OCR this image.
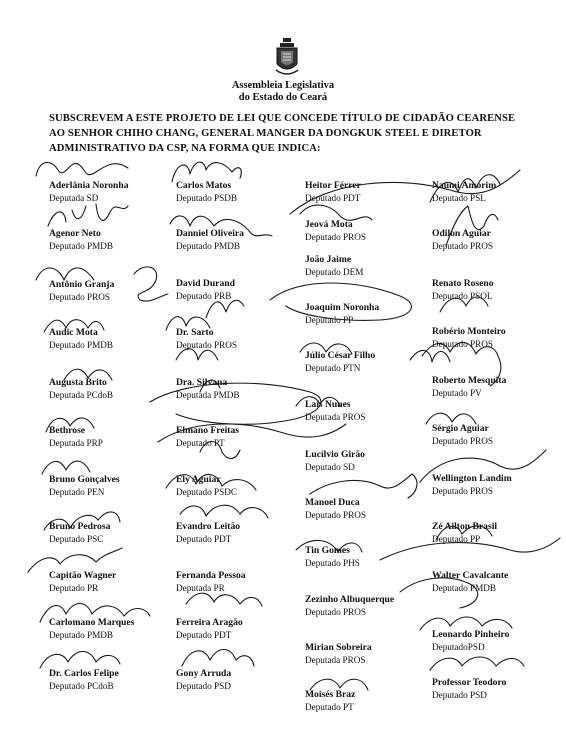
Assembleia Legislativa
do Estado do Ceará
SUBSCREVEM A ESTE PROJETO DE LEI QUE CONCEDE TÍTULO DE CIDADÃO CEARENSE AO SENHOR CHIHO CHANG, GENERAL MANGER DA DONGKUK STEEL E DIRETOR ADMINISTRATIVO DA CSP, NA FORMA QUE INDICA:
Aderlânia Noronha
Deputada SD
Agenor Neto
Deputado PMDB
Antônio Granja
Deputado PROS
Audic Mota
Deputado PMDB
Augusta Brito
Deputada PCdoB
Bethrose
Deputada PRP
Bruno Gonçalves
Deputado PEN
Bruno Pedrosa
Deputado PSC
Capitão Wagner
Deputado PR
Carlomano Marques
Deputado PMDB
Dr. Carlos Felipe
Deputado PCdoB
Carlos Matos
Deputado PSDB
Danniel Oliveira
Deputado PMDB
David Durand
Deputado PRB
Dr. Sarto
Deputado PROS
Dra. Silvana
Deputada PMDB
Elmano Freitas
Deputado PT
Ely Aguiar
Deputado PSDC
Evandro Leitão
Deputado PDT
Fernanda Pessoa
Deputada PR
Ferreira Aragão
Deputado PDT
Gony Arruda
Deputado PSD
Heitor Férrer
Deputado PDT
Jeová Mota
Deputado PROS
João Jaime
Deputado DEM
Joaquim Noronha
Deputado PP
Júlio César Filho
Deputado PTN
Laís Nunes
Deputada PROS
Lucílvio Girão
Deputado SD
Manoel Duca
Deputado PROS
Tin Gomes
Deputado PHS
Zezinho Albuquerque
Deputado PROS
Mirian Sobreira
Deputada PROS
Moisés Braz
Deputado PT
Naumi Amorim
Deputado PSL
Odilon Aguiar
Deputado PROS
Renato Roseno
Deputado PSOL
Robério Monteiro
Deputado PROS
Roberto Mesquita
Deputado PV
Sérgio Aguiar
Deputado PROS
Wellington Landim
Deputado PROS
Zé Ailton Brasil
Deputado PP
Walter Cavalcante
Deputado PMDB
Leonardo Pinheiro
DeputadoPSD
Professor Teodoro
Deputado PSD
